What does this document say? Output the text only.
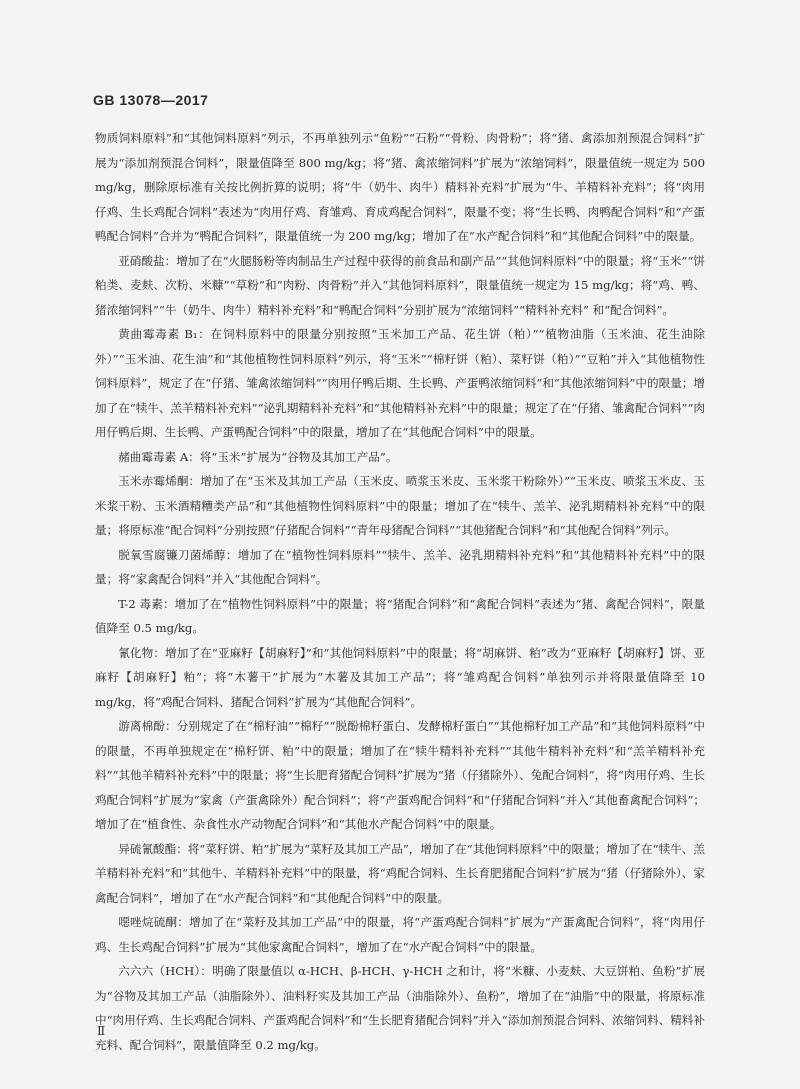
GB 13078—2017

物质饲料原料”和“其他饲料原料”列示，不再单独列示“鱼粉”“石粉”“骨粉、肉骨粉”；将“猪、禽添加剂预混合饲料”扩展为“添加剂预混合饲料”，限量值降至 800 mg/kg；将“猪、禽浓缩饲料”扩展为“浓缩饲料”，限量值统一规定为 500 mg/kg，删除原标准有关按比例折算的说明；将“牛（奶牛、肉牛）精料补充料”扩展为“牛、羊精料补充料”；将“肉用仔鸡、生长鸡配合饲料”表述为“肉用仔鸡、育雏鸡、育成鸡配合饲料”，限量不变；将“生长鸭、肉鸭配合饲料”和“产蛋鸭配合饲料”合并为“鸭配合饲料”，限量值统一为 200 mg/kg；增加了在“水产配合饲料”和“其他配合饲料”中的限量。

亚硝酸盐：增加了在“火腿肠粉等肉制品生产过程中获得的前食品和副产品”“其他饲料原料”中的限量；将“玉米”“饼粕类、麦麸、次粉、米糠”“草粉”和“肉粉、肉骨粉”并入“其他饲料原料”，限量值统一规定为 15 mg/kg；将“鸡、鸭、猪浓缩饲料”“牛（奶牛、肉牛）精料补充料”和“鸭配合饲料”分别扩展为“浓缩饲料”“精料补充料” 和“配合饲料”。

黄曲霉毒素 B₁：在饲料原料中的限量分别按照“玉米加工产品、花生饼（粕）”“植物油脂（玉米油、花生油除外）”“玉米油、花生油”和“其他植物性饲料原料”列示，将“玉米”“棉籽饼（粕）、菜籽饼（粕）”“豆粕”并入“其他植物性饲料原料”，规定了在“仔猪、雏禽浓缩饲料”“肉用仔鸭后期、生长鸭、产蛋鸭浓缩饲料”和“其他浓缩饲料”中的限量；增加了在“犊牛、羔羊精料补充料”“泌乳期精料补充料”和“其他精料补充料”中的限量；规定了在“仔猪、雏禽配合饲料”“肉用仔鸭后期、生长鸭、产蛋鸭配合饲料”中的限量，增加了在“其他配合饲料”中的限量。

赭曲霉毒素 A：将“玉米”扩展为“谷物及其加工产品”。

玉米赤霉烯酮：增加了在“玉米及其加工产品（玉米皮、喷浆玉米皮、玉米浆干粉除外）”“玉米皮、喷浆玉米皮、玉米浆干粉、玉米酒精糟类产品”和“其他植物性饲料原料”中的限量；增加了在“犊牛、羔羊、泌乳期精料补充料”中的限量；将原标准“配合饲料”分别按照“仔猪配合饲料”“青年母猪配合饲料”“其他猪配合饲料”和“其他配合饲料”列示。

脱氧雪腐镰刀菌烯醇：增加了在“植物性饲料原料”“犊牛、羔羊、泌乳期精料补充料”和“其他精料补充料”中的限量；将“家禽配合饲料”并入“其他配合饲料”。

T-2 毒素：增加了在“植物性饲料原料”中的限量；将“猪配合饲料”和“禽配合饲料”表述为“猪、禽配合饲料”，限量值降至 0.5 mg/kg。

氰化物：增加了在“亚麻籽【胡麻籽】”和“其他饲料原料”中的限量；将“胡麻饼、粕”改为“亚麻籽【胡麻籽】饼、亚麻籽【胡麻籽】粕”；将“木薯干”扩展为“木薯及其加工产品”；将“雏鸡配合饲料”单独列示并将限量值降至 10 mg/kg，将“鸡配合饲料、猪配合饲料”扩展为“其他配合饲料”。

游离棉酚：分别规定了在“棉籽油”“棉籽”“脱酚棉籽蛋白、发酵棉籽蛋白”“其他棉籽加工产品”和“其他饲料原料”中的限量，不再单独规定在“棉籽饼、粕”中的限量；增加了在“犊牛精料补充料”“其他牛精料补充料”和“羔羊精料补充料”“其他羊精料补充料”中的限量；将“生长肥育猪配合饲料”扩展为“猪（仔猪除外）、兔配合饲料”，将“肉用仔鸡、生长鸡配合饲料”扩展为“家禽（产蛋禽除外）配合饲料”；将“产蛋鸡配合饲料”和“仔猪配合饲料”并入“其他畜禽配合饲料”；增加了在“植食性、杂食性水产动物配合饲料”和“其他水产配合饲料”中的限量。

异硫氰酸酯：将“菜籽饼、粕”扩展为“菜籽及其加工产品”，增加了在“其他饲料原料”中的限量；增加了在“犊牛、羔羊精料补充料”和“其他牛、羊精料补充料”中的限量，将“鸡配合饲料、生长育肥猪配合饲料”扩展为“猪（仔猪除外）、家禽配合饲料”，增加了在“水产配合饲料”和“其他配合饲料”中的限量。

噁唑烷硫酮：增加了在“菜籽及其加工产品”中的限量，将“产蛋鸡配合饲料”扩展为“产蛋禽配合饲料”，将“肉用仔鸡、生长鸡配合饲料”扩展为“其他家禽配合饲料”，增加了在“水产配合饲料”中的限量。

六六六（HCH）：明确了限量值以 α-HCH、β-HCH、γ-HCH 之和计，将“米糠、小麦麸、大豆饼粕、鱼粉”扩展为“谷物及其加工产品（油脂除外）、油料籽实及其加工产品（油脂除外）、鱼粉”，增加了在“油脂”中的限量，将原标准中“肉用仔鸡、生长鸡配合饲料、产蛋鸡配合饲料”和“生长肥育猪配合饲料”并入“添加剂预混合饲料、浓缩饲料、精料补充料、配合饲料”，限量值降至 0.2 mg/kg。

Ⅱ
